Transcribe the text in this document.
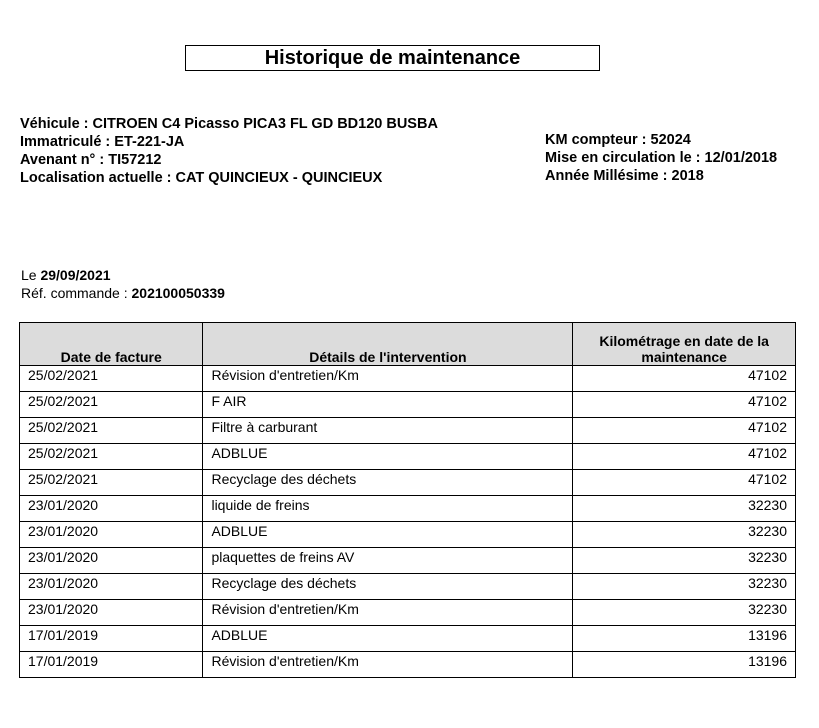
Historique de maintenance
Véhicule : CITROEN C4 Picasso PICA3 FL GD BD120 BUSBA
Immatriculé : ET-221-JA
Avenant n° : TI57212
Localisation actuelle : CAT QUINCIEUX - QUINCIEUX
KM compteur : 52024
Mise en circulation le : 12/01/2018
Année Millésime : 2018
Le 29/09/2021
Réf. commande : 202100050339
Date de facture	Détails de l'intervention	Kilométrage en date de la maintenance
25/02/2021	Révision d'entretien/Km	47102
25/02/2021	F AIR	47102
25/02/2021	Filtre à carburant	47102
25/02/2021	ADBLUE	47102
25/02/2021	Recyclage des déchets	47102
23/01/2020	liquide de freins	32230
23/01/2020	ADBLUE	32230
23/01/2020	plaquettes de freins AV	32230
23/01/2020	Recyclage des déchets	32230
23/01/2020	Révision d'entretien/Km	32230
17/01/2019	ADBLUE	13196
17/01/2019	Révision d'entretien/Km	13196
